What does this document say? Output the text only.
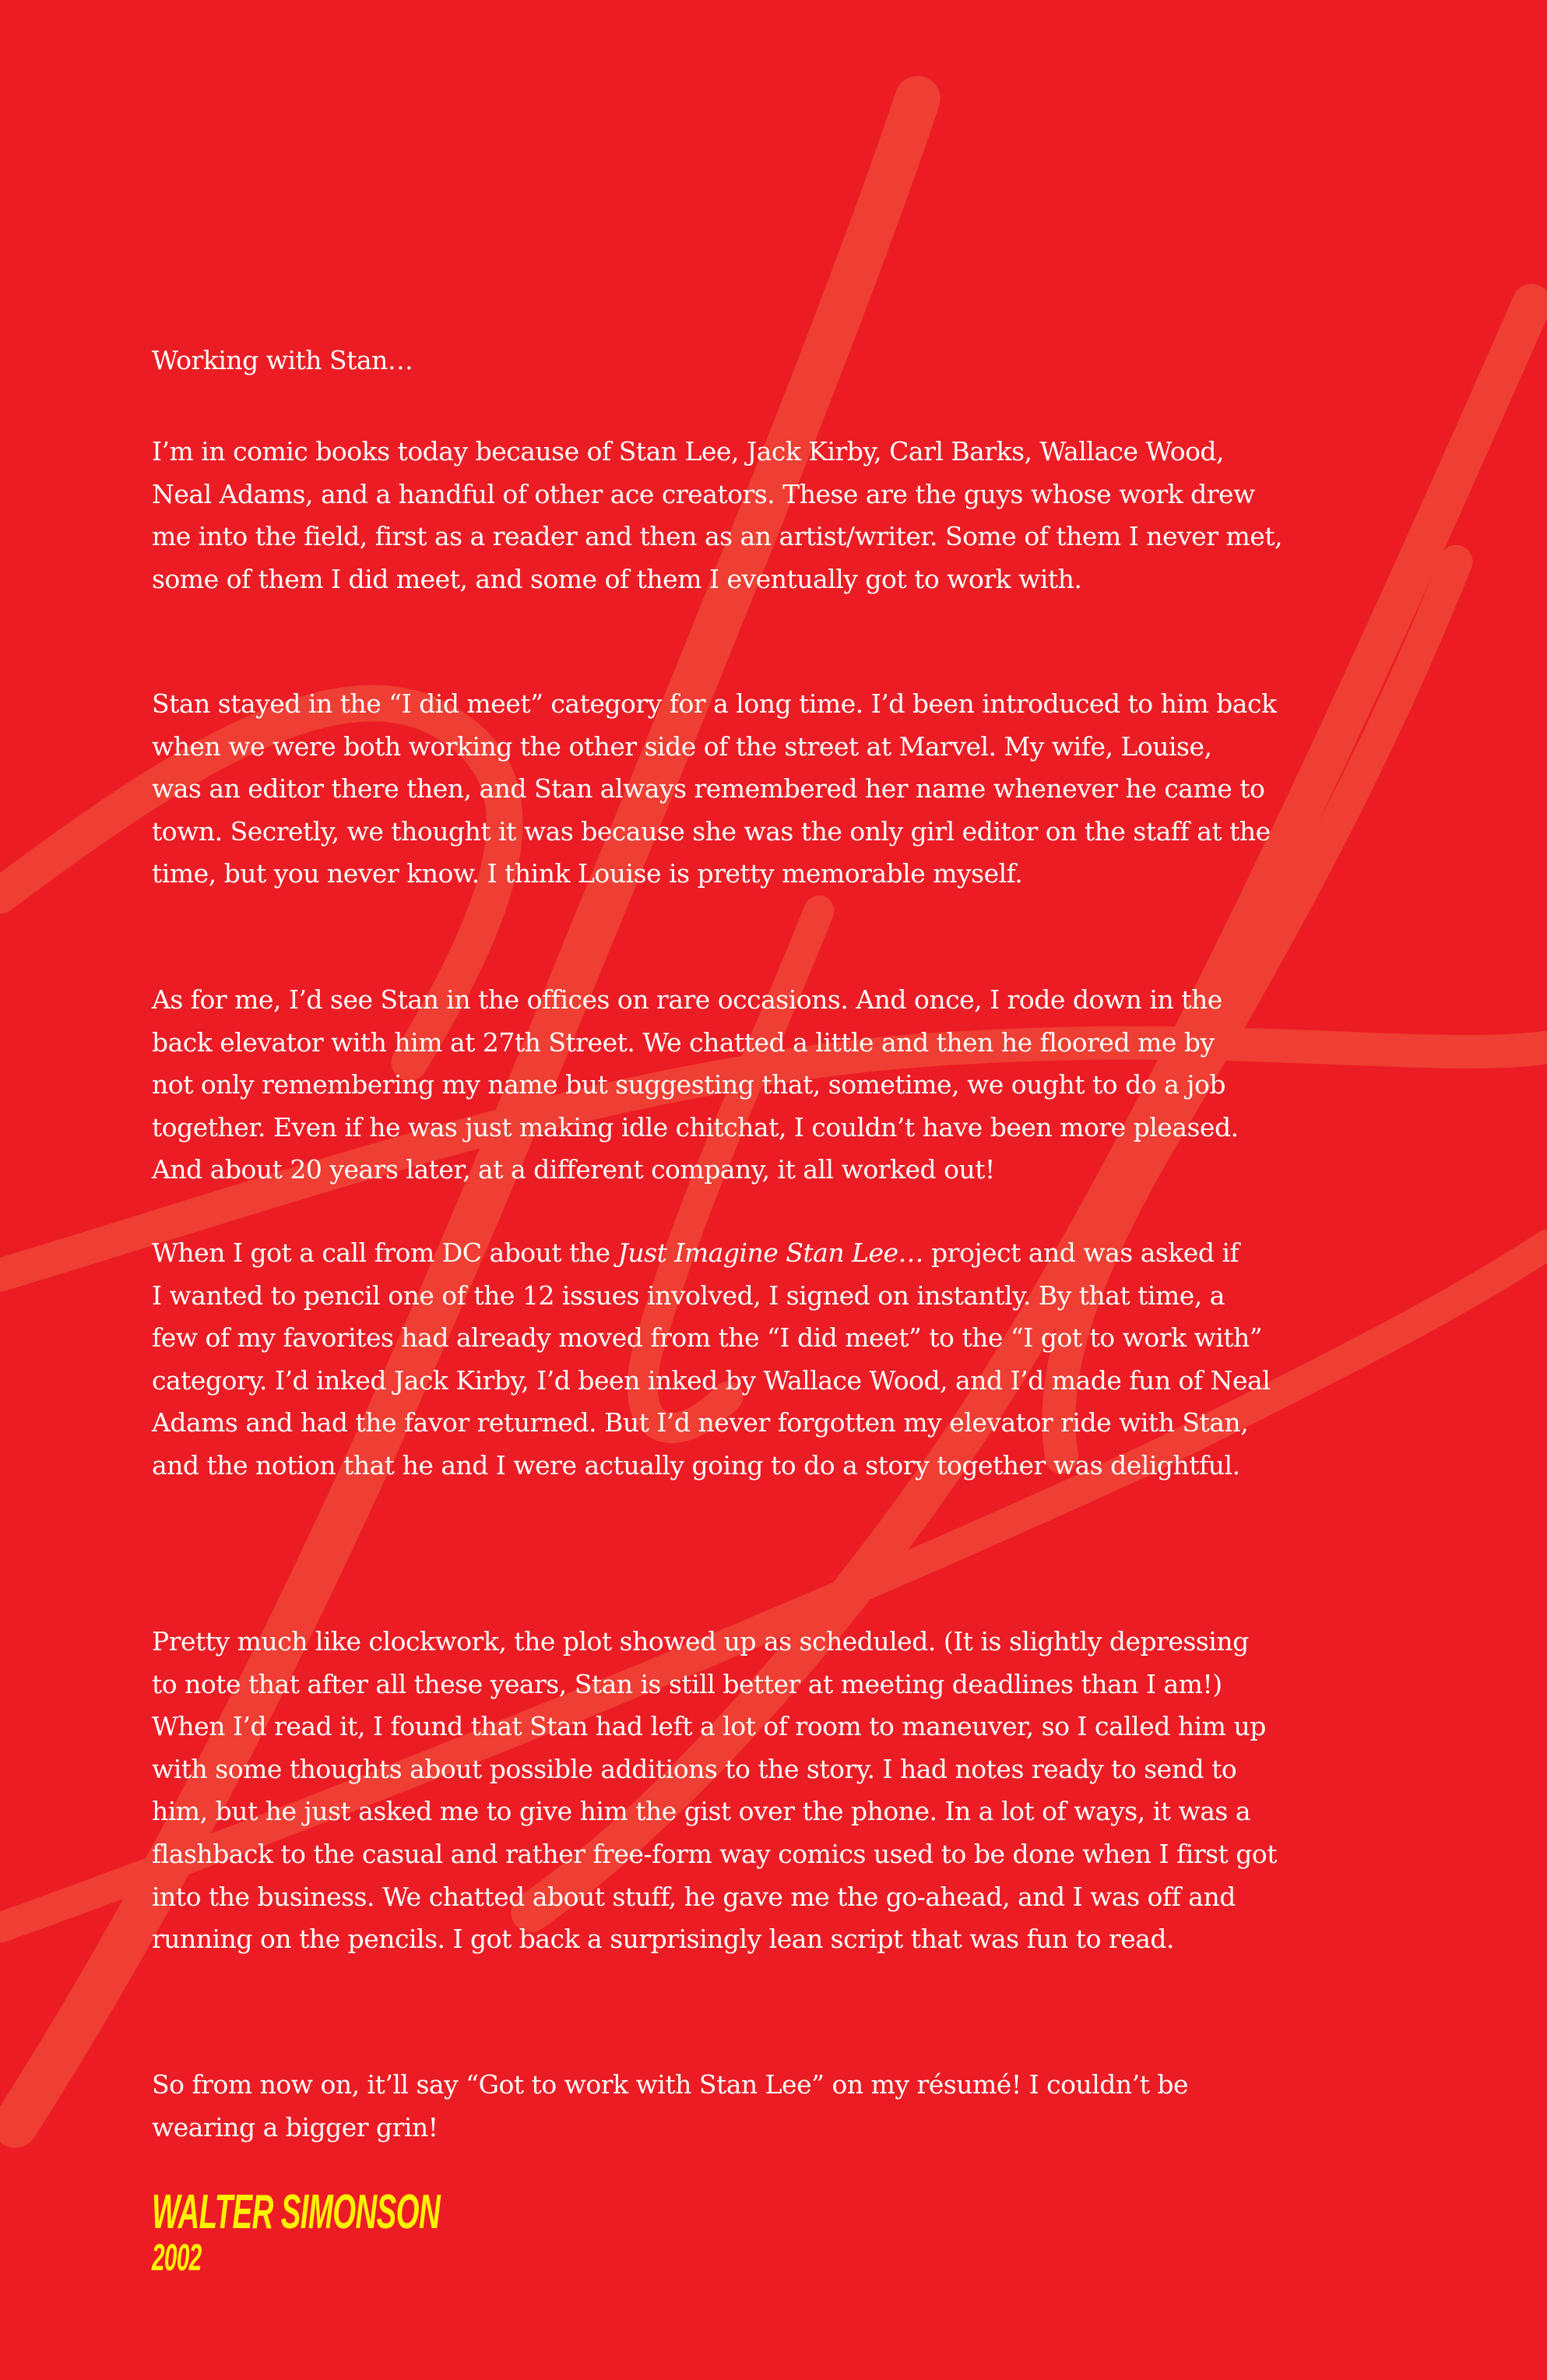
Working with Stan…
I’m in comic books today because of Stan Lee, Jack Kirby, Carl Barks, Wallace Wood,
Neal Adams, and a handful of other ace creators. These are the guys whose work drew
me into the field, first as a reader and then as an artist/writer. Some of them I never met,
some of them I did meet, and some of them I eventually got to work with.
Stan stayed in the “I did meet” category for a long time. I’d been introduced to him back
when we were both working the other side of the street at Marvel. My wife, Louise,
was an editor there then, and Stan always remembered her name whenever he came to
town. Secretly, we thought it was because she was the only girl editor on the staff at the
time, but you never know. I think Louise is pretty memorable myself.
As for me, I’d see Stan in the offices on rare occasions. And once, I rode down in the
back elevator with him at 27th Street. We chatted a little and then he floored me by
not only remembering my name but suggesting that, sometime, we ought to do a job
together. Even if he was just making idle chitchat, I couldn’t have been more pleased.
And about 20 years later, at a different company, it all worked out!
When I got a call from DC about the Just Imagine Stan Lee… project and was asked if
I wanted to pencil one of the 12 issues involved, I signed on instantly. By that time, a
few of my favorites had already moved from the “I did meet” to the “I got to work with”
category. I’d inked Jack Kirby, I’d been inked by Wallace Wood, and I’d made fun of Neal
Adams and had the favor returned. But I’d never forgotten my elevator ride with Stan,
and the notion that he and I were actually going to do a story together was delightful.
Pretty much like clockwork, the plot showed up as scheduled. (It is slightly depressing
to note that after all these years, Stan is still better at meeting deadlines than I am!)
When I’d read it, I found that Stan had left a lot of room to maneuver, so I called him up
with some thoughts about possible additions to the story. I had notes ready to send to
him, but he just asked me to give him the gist over the phone. In a lot of ways, it was a
flashback to the casual and rather free-form way comics used to be done when I first got
into the business. We chatted about stuff, he gave me the go-ahead, and I was off and
running on the pencils. I got back a surprisingly lean script that was fun to read.
So from now on, it’ll say “Got to work with Stan Lee” on my résumé! I couldn’t be
wearing a bigger grin!
WALTER SIMONSON
2002
